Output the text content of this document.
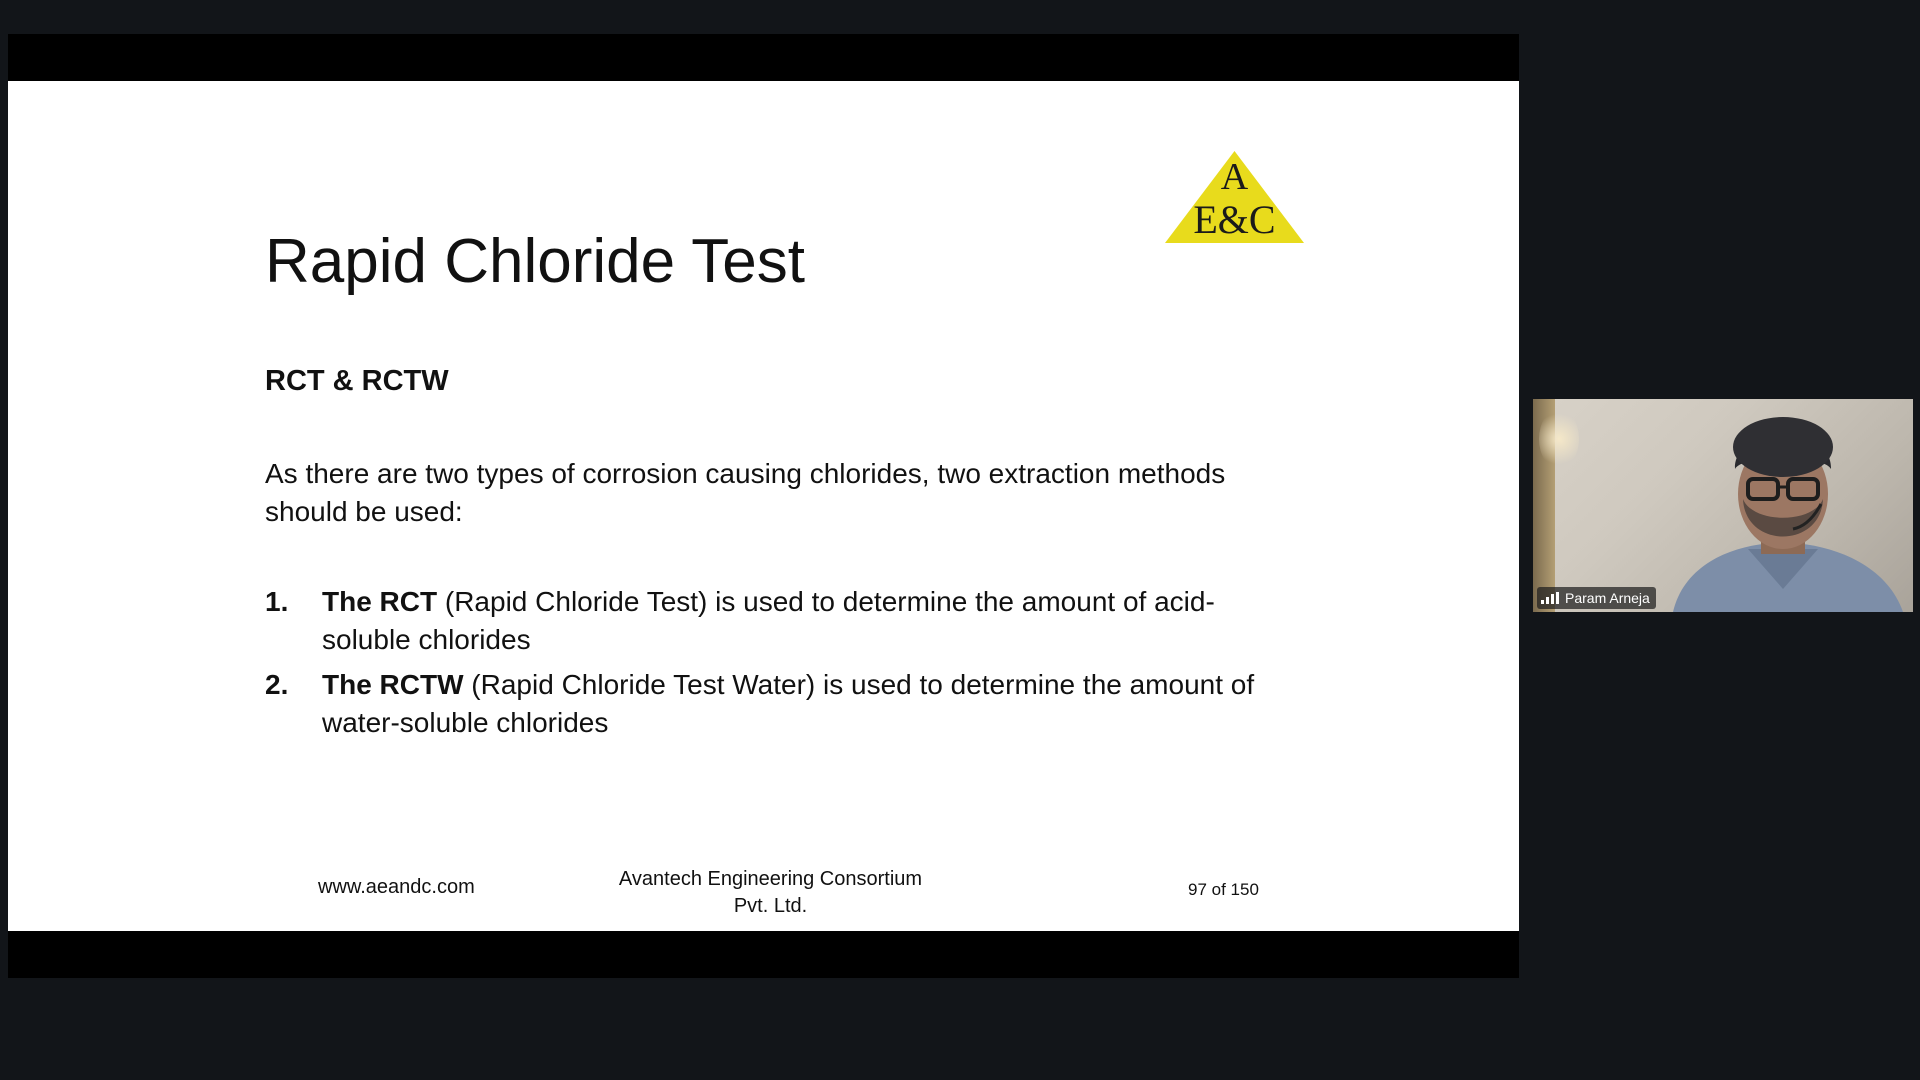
Rapid Chloride Test
A
E&C
RCT & RCTW
As there are two types of corrosion causing chlorides, two extraction methods should be used:
1. The RCT (Rapid Chloride Test) is used to determine the amount of acid-soluble chlorides
2. The RCTW (Rapid Chloride Test Water) is used to determine the amount of water-soluble chlorides
www.aeandc.com	Avantech Engineering Consortium
Pvt. Ltd.
97 of 150
Param Arneja
